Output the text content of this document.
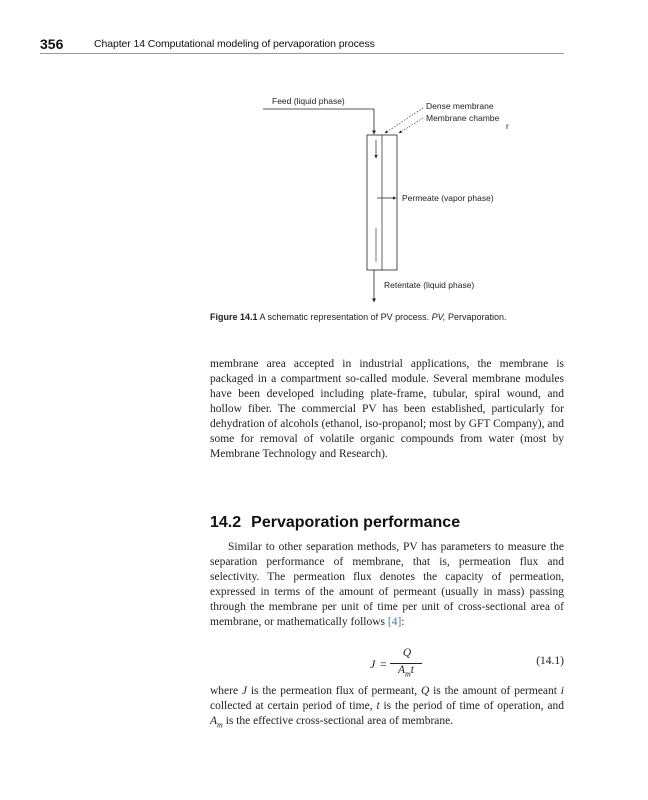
356	Chapter 14 Computational modeling of pervaporation process
Feed (liquid phase)	Dense membrane
Membrane chambe
r
Permeate (vapor phase)
Retentate (liquid phase)
Figure 14.1 A schematic representation of PV process. PV, Pervaporation.

membrane area accepted in industrial applications, the membrane is packaged in a compartment so-called module. Several membrane modules have been developed including plate-frame, tubular, spiral wound, and hollow fiber. The commercial PV has been established, particularly for dehydration of alcohols (ethanol, iso-propanol; most by GFT Company), and some for removal of volatile organic compounds from water (most by Membrane Technology and Research).

14.2 Pervaporation performance

Similar to other separation methods, PV has parameters to measure the separation performance of membrane, that is, permeation flux and selectivity. The permeation flux denotes the capacity of permeation, expressed in terms of the amount of permeant (usually in mass) passing through the membrane per unit of time per unit of cross-sectional area of membrane, or mathematically follows [4]:

J =
Q
$A_mt$
(14.1)

where J is the permeation flux of permeant, Q is the amount of permeant i collected at certain period of time, t is the period of time of operation, and $A_m$ is the effective cross-sectional area of membrane.
